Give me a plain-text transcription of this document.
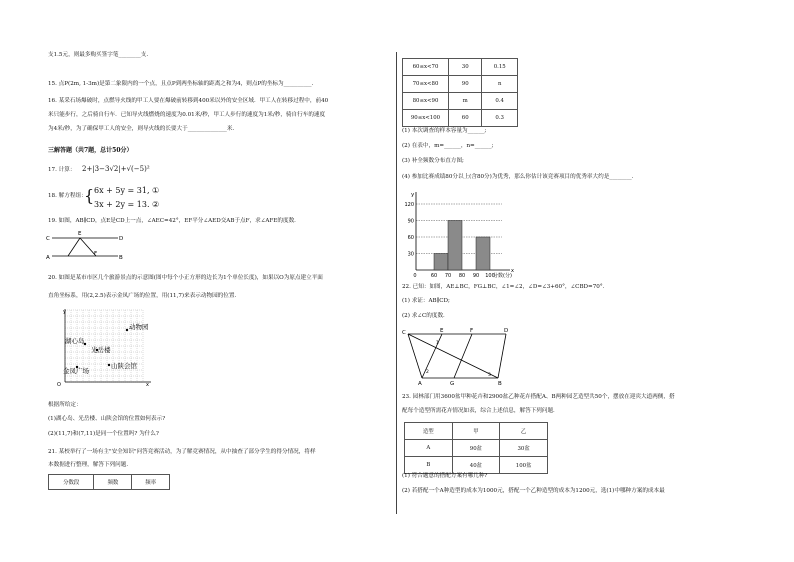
支1.5元，则最多购买签字笔________支.
15. 点P(2m, 1-3m)是第二象限内的一个点，且点P到两坐标轴的距离之和为4，则点P的坐标为__________.
16. 某采石场爆破时，点燃导火线的甲工人要在爆破前转移到400米以外的安全区域．甲工人在转移过程中，前40
米只能步行，之后骑自行车．已知导火线燃烧的速度为0.01米/秒，甲工人步行的速度为1米/秒，骑自行车的速度
为4米/秒，为了确保甲工人的安全，则导火线的长要大于______________米．
三解答题（共7题，总计50分）
17. 计算： 2+|3−3√2|+√(−5)²
18. 解方程组：
{ 6x + 5y = 31, ①
3x + 2y = 13. ②
19. 如图，AB∥CD，点E是CD上一点，∠AEC=42°，EF平分∠AED交AB于点F，求∠AFE的度数．
C
E
D
A
F
B
20. 如图是某市市区几个旅游景点的示意图(图中每个小正方形的边长为1个单位长度)，如果以O为原点建立平面
直角坐标系，用(2,2.5)表示金凤广场的位置，用(11,7)来表示动物园的位置．
y
x
O
动物园
湖心岛
光岳楼
金凤广场
山陕会馆
根据所给定：
(1)湖心岛、光岳楼、山陕会馆的位置如何表示?
(2)(11,7)和(7,11)是同一个位置吗? 为什么?
21. 某校举行了一场有主"安全知识"问答竞赛活动，为了解竞赛情况，从中抽查了部分学生的得分情况，将样
本数据进行整理，解答下列问题．
分数段	频数	频率
60≤x<70	30	0.15
70≤x<80	90	n
80≤x<90	m	0.4
90≤x<100	60	0.3
(1) 本次调查的样本容量为______;
(2) 在表中，m=______，n=______;
(3) 补全频数分布直方图;
(4) 参加比赛成绩80分以上(含80分)为优秀，那么你估计该竞赛项目的优秀率大约是________．
120
90
60
30
y
x
0	60 70 80 90 100
分数(分)
22. 已知：如图，AE⊥BC，FG⊥BC，∠1=∠2，∠D=∠3+60°，∠CBD=70°．
(1) 求证：AB∥CD;
(2) 求∠C的度数．
C	E	F	D
1
2
3
A	G	B
23. 园林部门用3600盆甲种花卉和2900盆乙种花卉搭配A、B两种园艺造型共50个，摆放在迎宾大道两侧，搭
配每个造型所需花卉情况如表，综合上述信息，解答下列问题．
造型	甲	乙
A	90盆	30盆
B	40盆	100盆
(1) 符合题意的搭配方案有哪几种?
(2) 若搭配一个A种造型的成本为1000元，搭配一个乙种造型的成本为1200元，选(1)中哪种方案的成本最
